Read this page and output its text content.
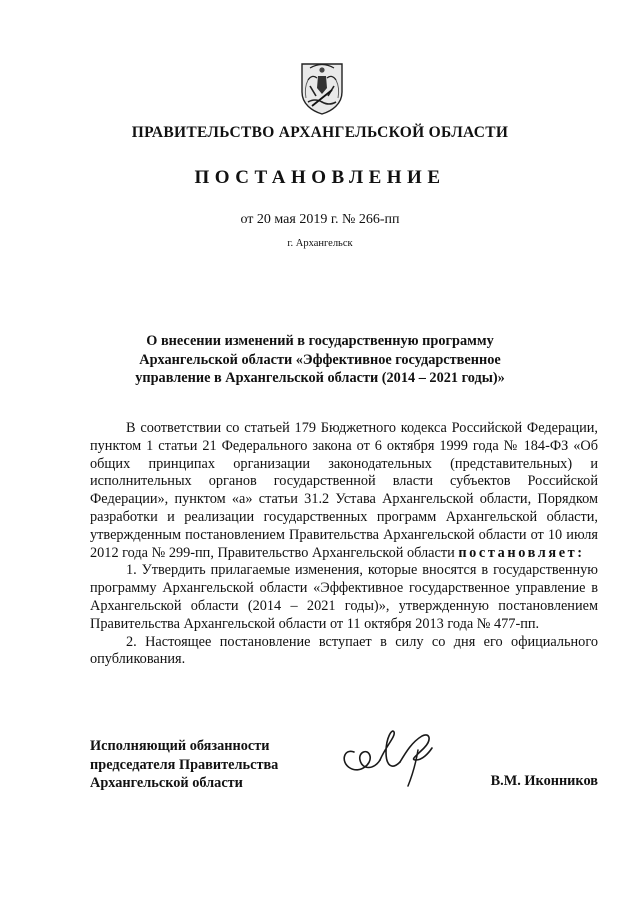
ПРАВИТЕЛЬСТВО АРХАНГЕЛЬСКОЙ ОБЛАСТИ
ПОСТАНОВЛЕНИЕ
от 20 мая 2019 г. № 266-пп
г. Архангельск
О внесении изменений в государственную программу
Архангельской области «Эффективное государственное
управление в Архангельской области (2014 – 2021 годы)»

В соответствии со статьей 179 Бюджетного кодекса Российской Федерации, пунктом 1 статьи 21 Федерального закона от 6 октября 1999 года № 184-ФЗ «Об общих принципах организации законодательных (представительных) и исполнительных органов государственной власти субъектов Российской Федерации», пунктом «а» статьи 31.2 Устава Архангельской области, Порядком разработки и реализации государственных программ Архангельской области, утвержденным постановлением Правительства Архангельской области от 10 июля 2012 года № 299-пп, Правительство Архангельской области постановляет:

1. Утвердить прилагаемые изменения, которые вносятся в государственную программу Архангельской области «Эффективное государственное управление в Архангельской области (2014 – 2021 годы)», утвержденную постановлением Правительства Архангельской области от 11 октября 2013 года № 477-пп.

2. Настоящее постановление вступает в силу со дня его официального опубликования.

Исполняющий обязанности
председателя Правительства
Архангельской области	В.М. Иконников
